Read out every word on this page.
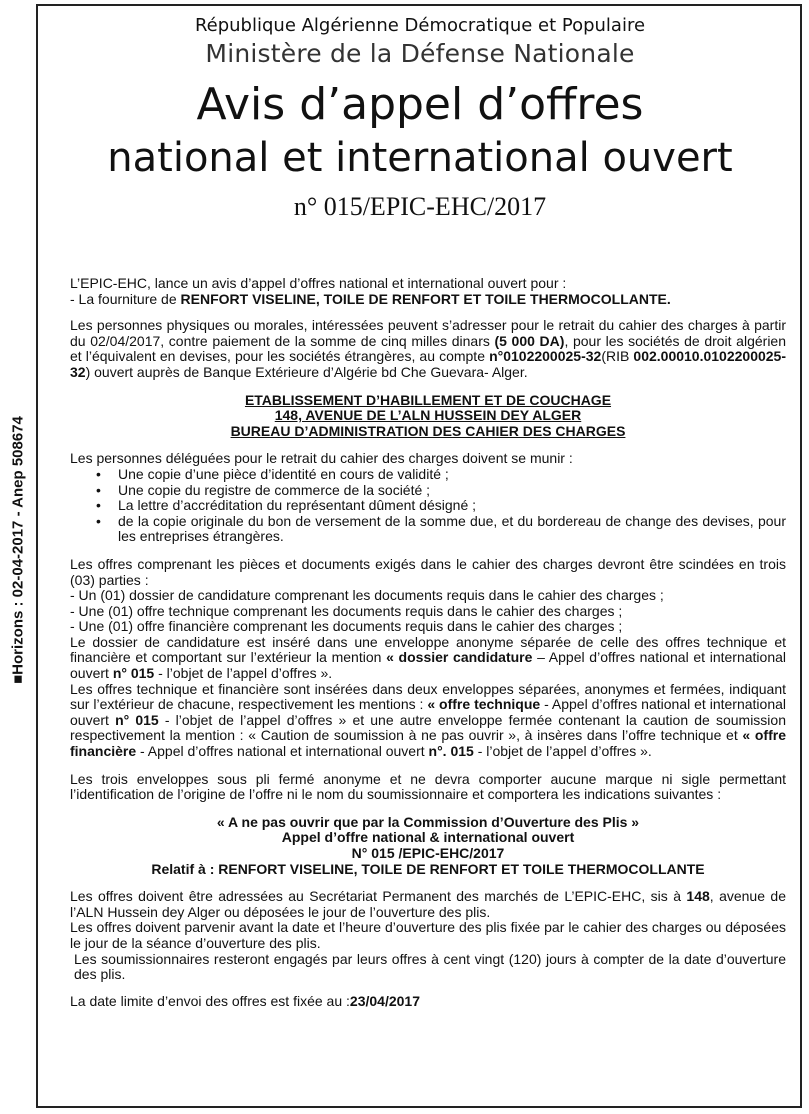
■Horizons : 02-04-2017 - Anep 508674
République Algérienne Démocratique et Populaire
Ministère de la Défense Nationale
Avis d’appel d’offres
national et international ouvert
n° 015/EPIC-EHC/2017

L’EPIC-EHC, lance un avis d’appel d’offres national et international ouvert pour :

- La fourniture de RENFORT VISELINE, TOILE DE RENFORT ET TOILE THERMOCOLLANTE.

Les personnes physiques ou morales, intéressées peuvent s’adresser pour le retrait du cahier des charges à partir du 02/04/2017, contre paiement de la somme de cinq milles dinars (5 000 DA), pour les sociétés de droit algérien et l’équivalent en devises, pour les sociétés étrangères, au compte n°0102200025-32(RIB 002.00010.0102200025-32) ouvert auprès de Banque Extérieure d’Algérie bd Che Guevara- Alger.

ETABLISSEMENT D’HABILLEMENT ET DE COUCHAGE

148, AVENUE DE L’ALN HUSSEIN DEY ALGER

BUREAU D’ADMINISTRATION DES CAHIER DES CHARGES

Les personnes déléguées pour le retrait du cahier des charges doivent se munir :

• Une copie d’une pièce d’identité en cours de validité ;
• Une copie du registre de commerce de la société ;
• La lettre d’accréditation du représentant dûment désigné ;
• de la copie originale du bon de versement de la somme due, et du bordereau de change des devises, pour les entreprises étrangères.

Les offres comprenant les pièces et documents exigés dans le cahier des charges devront être scindées en trois (03) parties :

- Un (01) dossier de candidature comprenant les documents requis dans le cahier des charges ;

- Une (01) offre technique comprenant les documents requis dans le cahier des charges ;

- Une (01) offre financière comprenant les documents requis dans le cahier des charges ;

Le dossier de candidature est inséré dans une enveloppe anonyme séparée de celle des offres technique et financière et comportant sur l’extérieur la mention « dossier candidature – Appel d’offres national et international ouvert n° 015 - l’objet de l’appel d’offres ».

Les offres technique et financière sont insérées dans deux enveloppes séparées, anonymes et fermées, indiquant sur l’extérieur de chacune, respectivement les mentions : « offre technique - Appel d’offres national et international ouvert n° 015 - l’objet de l’appel d’offres » et une autre enveloppe fermée contenant la caution de soumission respectivement la mention : « Caution de soumission à ne pas ouvrir », à insères dans l’offre technique et « offre financière - Appel d’offres national et international ouvert n°. 015 - l’objet de l’appel d’offres ».

Les trois enveloppes sous pli fermé anonyme et ne devra comporter aucune marque ni sigle permettant l’identification de l’origine de l’offre ni le nom du soumissionnaire et comportera les indications suivantes :

« A ne pas ouvrir que par la Commission d’Ouverture des Plis »

Appel d’offre national & international ouvert

N° 015 /EPIC-EHC/2017

Relatif à : RENFORT VISELINE, TOILE DE RENFORT ET TOILE THERMOCOLLANTE

Les offres doivent être adressées au Secrétariat Permanent des marchés de L’EPIC-EHC, sis à 148, avenue de l’ALN Hussein dey Alger ou déposées le jour de l’ouverture des plis.

Les offres doivent parvenir avant la date et l’heure d’ouverture des plis fixée par le cahier des charges ou déposées le jour de la séance d’ouverture des plis.

Les soumissionnaires resteront engagés par leurs offres à cent vingt (120) jours à compter de la date d’ouverture des plis.

La date limite d’envoi des offres est fixée au :23/04/2017
